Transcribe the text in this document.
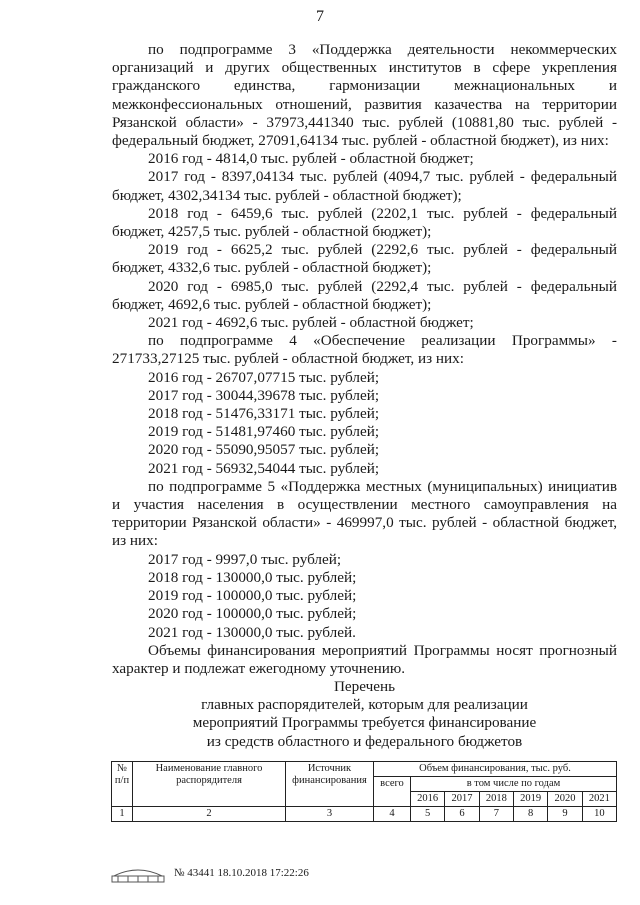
7

по подпрограмме 3 «Поддержка деятельности некоммерческих организаций и других общественных институтов в сфере укрепления гражданского единства, гармонизации межнациональных и межконфессиональных отношений, развития казачества на территории Рязанской области» - 37973,441340 тыс. рублей (10881,80 тыс. рублей - федеральный бюджет, 27091,64134 тыс. рублей - областной бюджет), из них:

2016 год - 4814,0 тыс. рублей - областной бюджет;

2017 год - 8397,04134 тыс. рублей (4094,7 тыс. рублей - федеральный бюджет, 4302,34134 тыс. рублей - областной бюджет);

2018 год - 6459,6 тыс. рублей (2202,1 тыс. рублей - федеральный бюджет, 4257,5 тыс. рублей - областной бюджет);

2019 год - 6625,2 тыс. рублей (2292,6 тыс. рублей - федеральный бюджет, 4332,6 тыс. рублей - областной бюджет);

2020 год - 6985,0 тыс. рублей (2292,4 тыс. рублей - федеральный бюджет, 4692,6 тыс. рублей - областной бюджет);

2021 год - 4692,6 тыс. рублей - областной бюджет;

по подпрограмме 4 «Обеспечение реализации Программы» - 271733,27125 тыс. рублей - областной бюджет, из них:

2016 год - 26707,07715 тыс. рублей;

2017 год - 30044,39678 тыс. рублей;

2018 год - 51476,33171 тыс. рублей;

2019 год - 51481,97460 тыс. рублей;

2020 год - 55090,95057 тыс. рублей;

2021 год - 56932,54044 тыс. рублей;

по подпрограмме 5 «Поддержка местных (муниципальных) инициатив и участия населения в осуществлении местного самоуправления на территории Рязанской области» - 469997,0 тыс. рублей - областной бюджет, из них:

2017 год - 9997,0 тыс. рублей;

2018 год - 130000,0 тыс. рублей;

2019 год - 100000,0 тыс. рублей;

2020 год - 100000,0 тыс. рублей;

2021 год - 130000,0 тыс. рублей.

Объемы финансирования мероприятий Программы носят прогнозный характер и подлежат ежегодному уточнению.

Перечень
главных распорядителей, которым для реализации
мероприятий Программы требуется финансирование
из средств областного и федерального бюджетов
№ п/п	Наименование главного распорядителя	Источник финансирования	Объем финансирования, тыс. руб.						
			всего	в том числе по годам					
				2016	2017	2018	2019	2020	2021
1	2	3	4	5	6	7	8	9	10
№ 43441 18.10.2018 17:22:26
